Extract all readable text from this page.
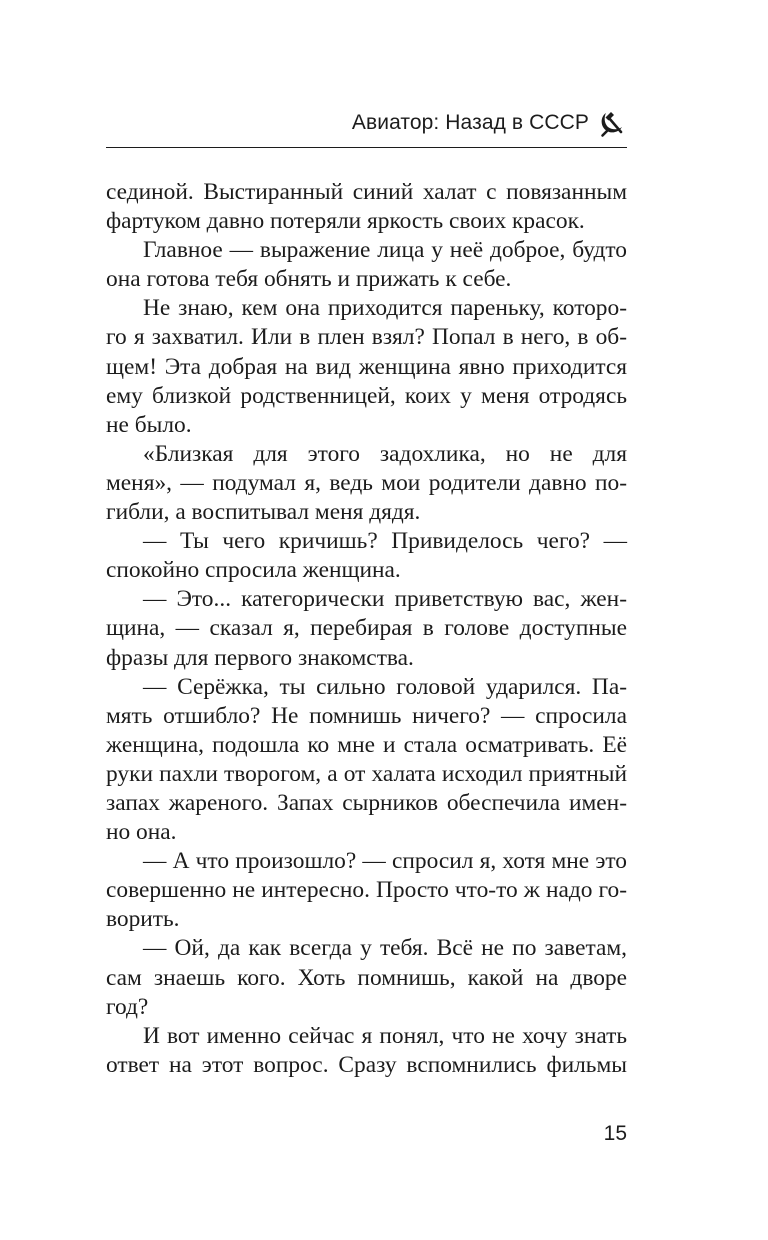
Авиатор: Назад в СССР
сединой. Выстиранный синий халат с повязанным
фартуком давно потеряли яркость своих красок.
Главное — выражение лица у неё доброе, будто
она готова тебя обнять и прижать к себе.
Не знаю, кем она приходится пареньку, которо-
го я захватил. Или в плен взял? Попал в него, в об-
щем! Эта добрая на вид женщина явно приходится
ему близкой родственницей, коих у меня отродясь
не было.
«Близкая для этого задохлика, но не для
меня», — подумал я, ведь мои родители давно по-
гибли, а воспитывал меня дядя.
— Ты чего кричишь? Привиделось чего? —
спокойно спросила женщина.
— Это... категорически приветствую вас, жен-
щина, — сказал я, перебирая в голове доступные
фразы для первого знакомства.
— Серёжка, ты сильно головой ударился. Па-
мять отшибло? Не помнишь ничего? — спросила
женщина, подошла ко мне и стала осматривать. Её
руки пахли творогом, а от халата исходил приятный
запах жареного. Запах сырников обеспечила имен-
но она.
— А что произошло? — спросил я, хотя мне это
совершенно не интересно. Просто что-то ж надо го-
ворить.
— Ой, да как всегда у тебя. Всё не по заветам,
сам знаешь кого. Хоть помнишь, какой на дворе
год?
И вот именно сейчас я понял, что не хочу знать
ответ на этот вопрос. Сразу вспомнились фильмы
15
